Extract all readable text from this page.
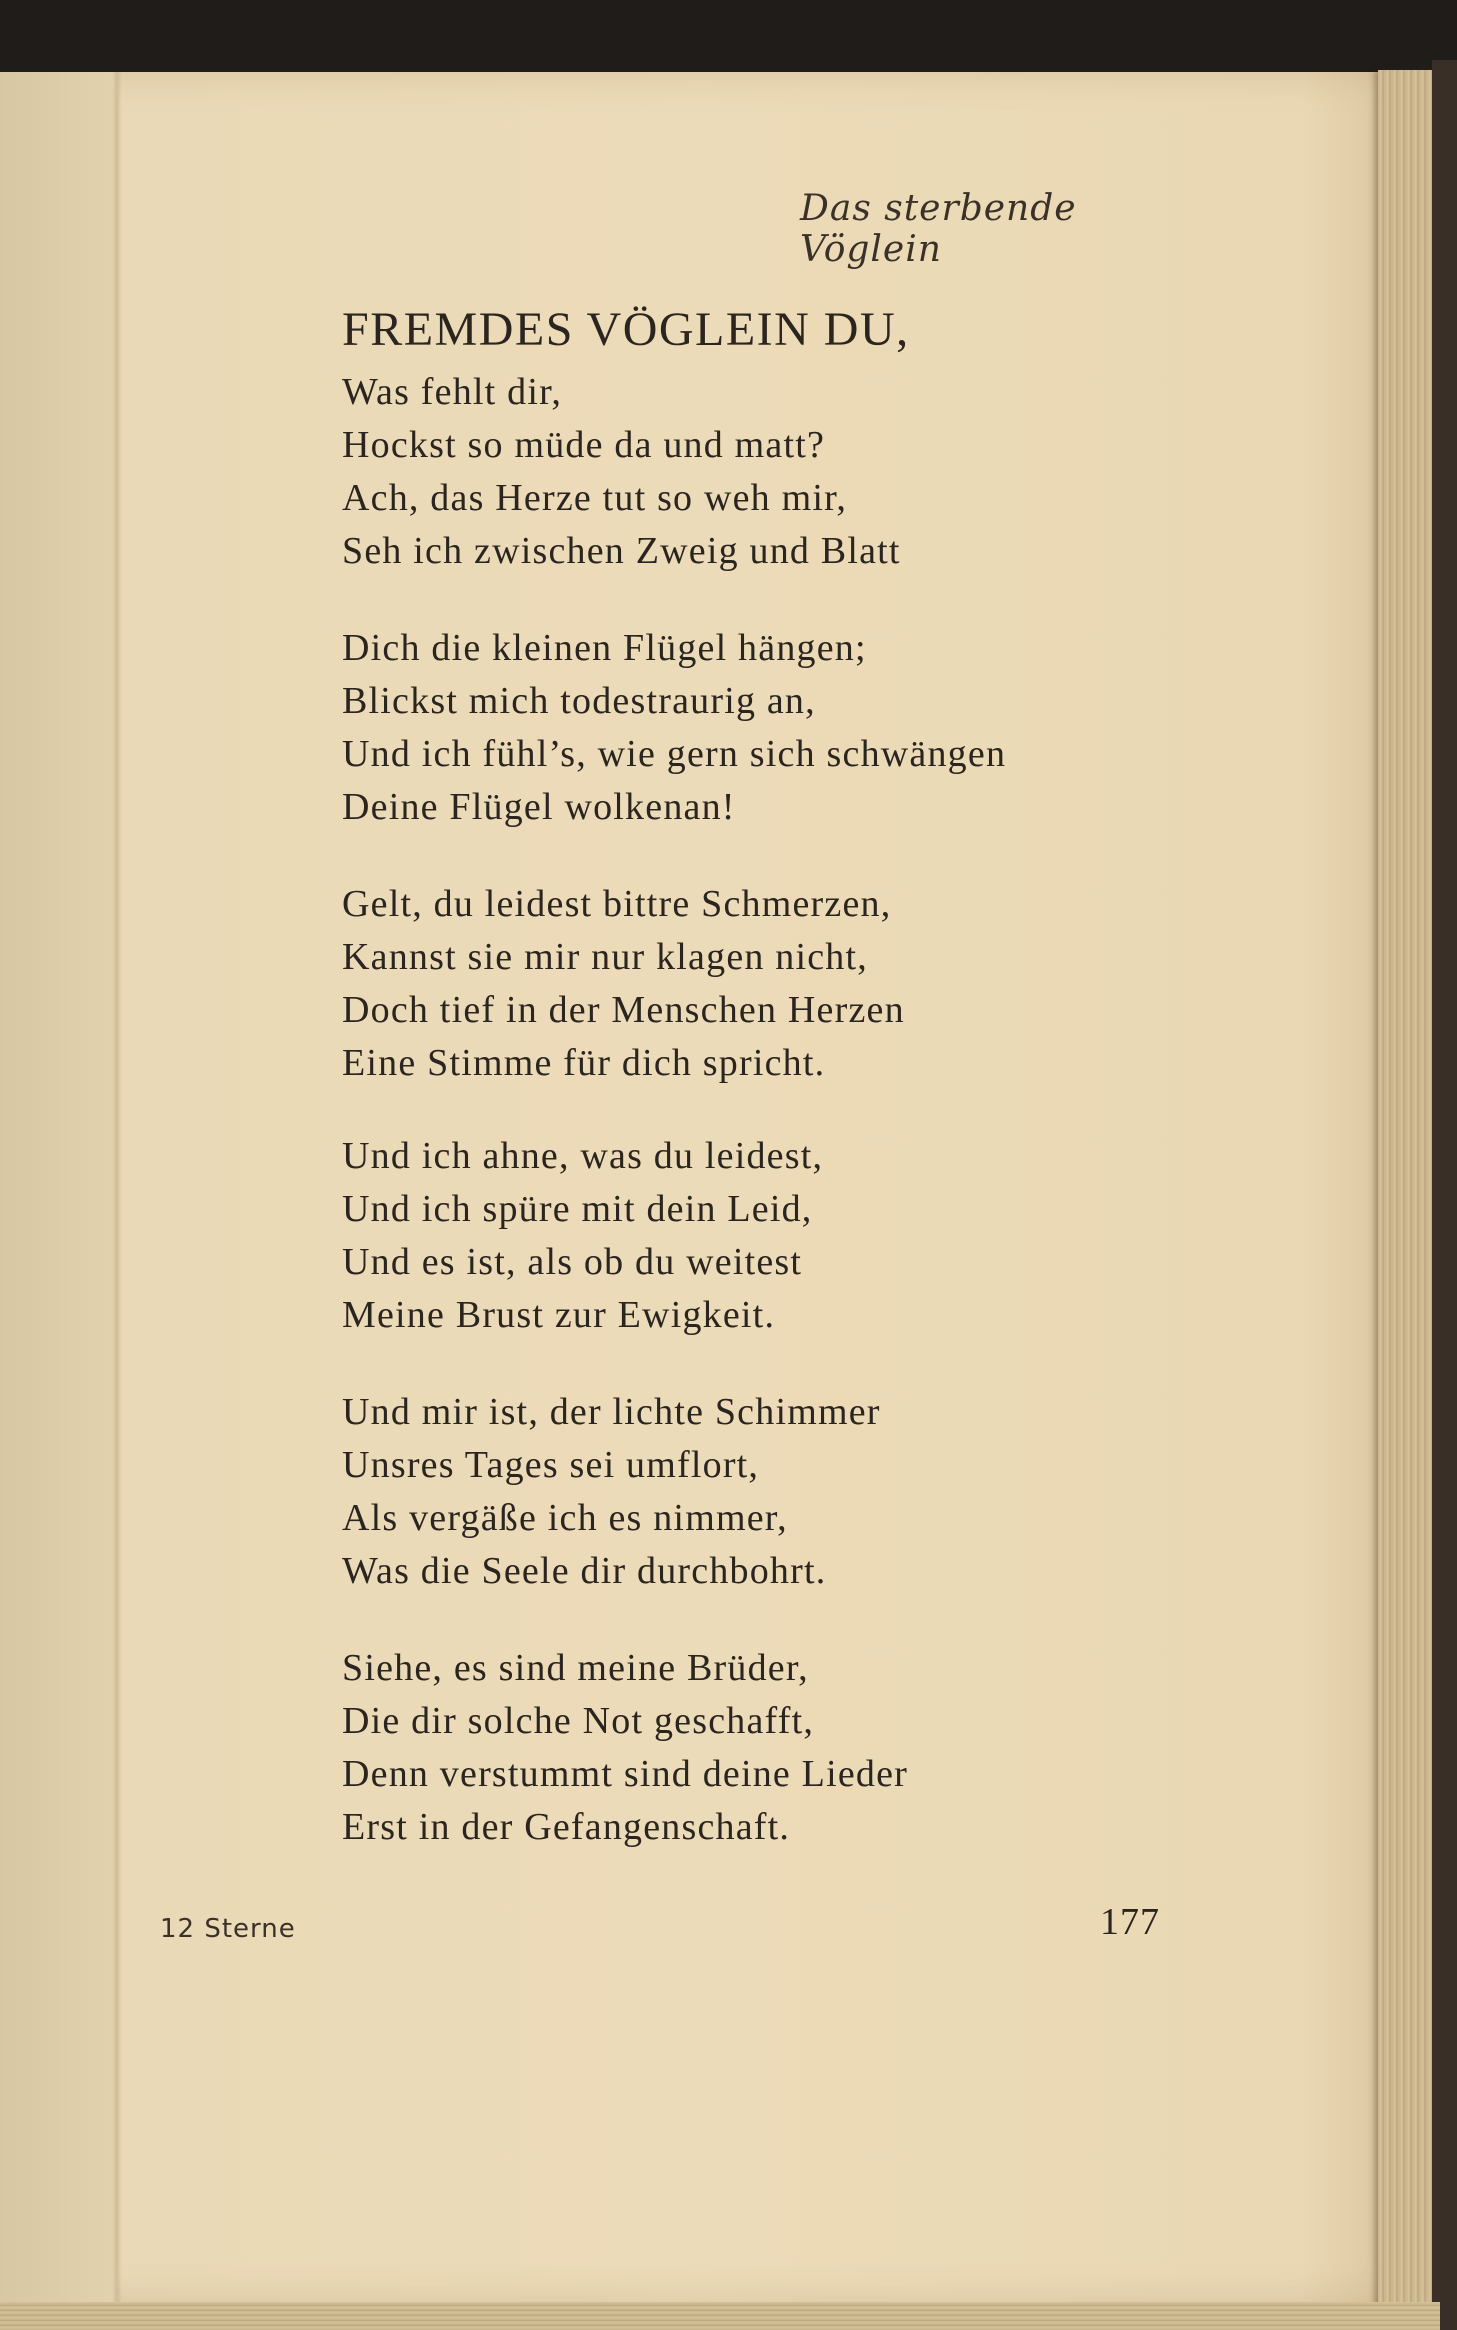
Das sterbende Vöglein
FREMDES VÖGLEIN DU,
Was fehlt dir,
Hockst so müde da und matt?
Ach, das Herze tut so weh mir,
Seh ich zwischen Zweig und Blatt
Dich die kleinen Flügel hängen;
Blickst mich todestraurig an,
Und ich fühl’s, wie gern sich schwängen
Deine Flügel wolkenan!
Gelt, du leidest bittre Schmerzen,
Kannst sie mir nur klagen nicht,
Doch tief in der Menschen Herzen
Eine Stimme für dich spricht.
Und ich ahne, was du leidest,
Und ich spüre mit dein Leid,
Und es ist, als ob du weitest
Meine Brust zur Ewigkeit.
Und mir ist, der lichte Schimmer
Unsres Tages sei umflort,
Als vergäße ich es nimmer,
Was die Seele dir durchbohrt.
Siehe, es sind meine Brüder,
Die dir solche Not geschafft,
Denn verstummt sind deine Lieder
Erst in der Gefangenschaft.
12 Sterne	177
